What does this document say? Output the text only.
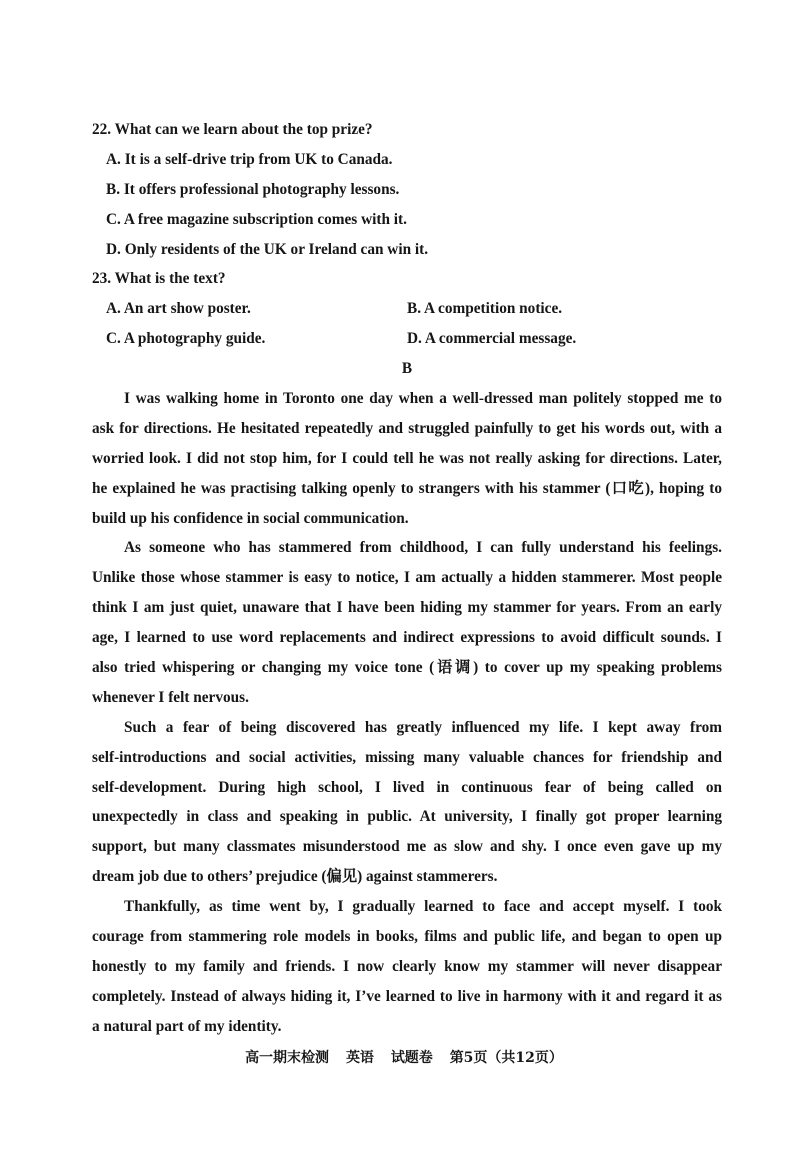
22. What can we learn about the top prize?
A. It is a self-drive trip from UK to Canada.
B. It offers professional photography lessons.
C. A free magazine subscription comes with it.
D. Only residents of the UK or Ireland can win it.
23. What is the text?
A. An art show poster.	B. A competition notice.
C. A photography guide.	D. A commercial message.
B
I was walking home in Toronto one day when a well-dressed man politely stopped me to
ask for directions. He hesitated repeatedly and struggled painfully to get his words out, with a
worried look. I did not stop him, for I could tell he was not really asking for directions. Later,
he explained he was practising talking openly to strangers with his stammer (口吃), hoping to
build up his confidence in social communication.
As someone who has stammered from childhood, I can fully understand his feelings.
Unlike those whose stammer is easy to notice, I am actually a hidden stammerer. Most people
think I am just quiet, unaware that I have been hiding my stammer for years. From an early
age, I learned to use word replacements and indirect expressions to avoid difficult sounds. I
also tried whispering or changing my voice tone (语调) to cover up my speaking problems
whenever I felt nervous.
Such a fear of being discovered has greatly influenced my life. I kept away from
self-introductions and social activities, missing many valuable chances for friendship and
self-development. During high school, I lived in continuous fear of being called on
unexpectedly in class and speaking in public. At university, I finally got proper learning
support, but many classmates misunderstood me as slow and shy. I once even gave up my
dream job due to others’ prejudice (偏见) against stammerers.
Thankfully, as time went by, I gradually learned to face and accept myself. I took
courage from stammering role models in books, films and public life, and began to open up
honestly to my family and friends. I now clearly know my stammer will never disappear
completely. Instead of always hiding it, I’ve learned to live in harmony with it and regard it as
a natural part of my identity.
高一期末检测 英语 试题卷 第5页（共12页）
